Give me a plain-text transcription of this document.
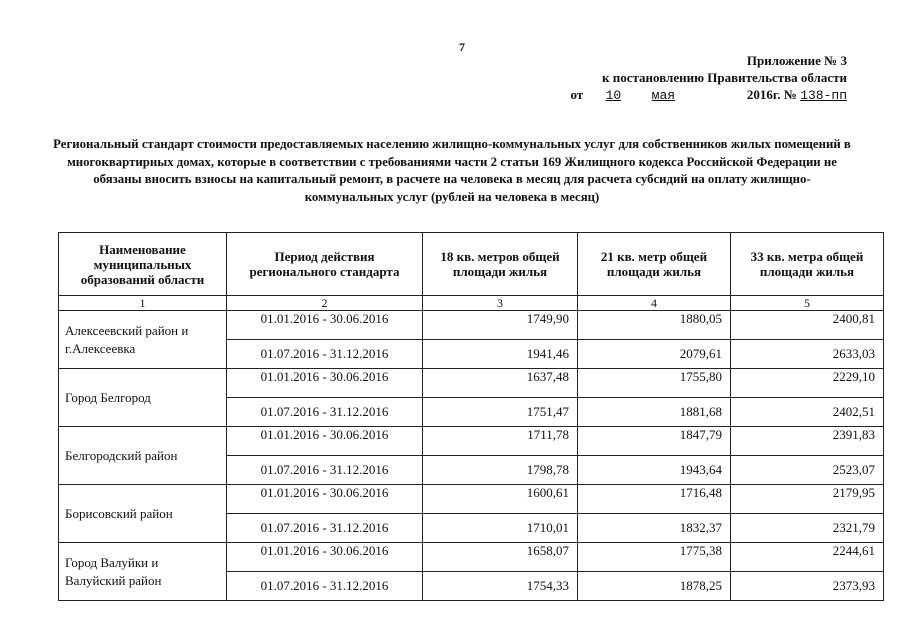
7
Приложение № 3
к постановлению Правительства области
от 10 мая	2016г. № 138-пп
Региональный стандарт стоимости предоставляемых населению жилищно-коммунальных услуг для собственников жилых помещений в многоквартирных домах, которые в соответствии с требованиями части 2 статьи 169 Жилищного кодекса Российской Федерации не обязаны вносить взносы на капитальный ремонт, в расчете на человека в месяц для расчета субсидий на оплату жилищно-коммунальных услуг (рублей на человека в месяц)
Наименование муниципальных образований области	Период действия регионального стандарта	18 кв. метров общей площади жилья	21 кв. метр общей площади жилья	33 кв. метра общей площади жилья
1	2	3	4	5
Алексеевский район и г.Алексеевка	01.01.2016 - 30.06.2016	1749,90	1880,05	2400,81
	01.07.2016 - 31.12.2016	1941,46	2079,61	2633,03
Город Белгород	01.01.2016 - 30.06.2016	1637,48	1755,80	2229,10
	01.07.2016 - 31.12.2016	1751,47	1881,68	2402,51
Белгородский район	01.01.2016 - 30.06.2016	1711,78	1847,79	2391,83
	01.07.2016 - 31.12.2016	1798,78	1943,64	2523,07
Борисовский район	01.01.2016 - 30.06.2016	1600,61	1716,48	2179,95
	01.07.2016 - 31.12.2016	1710,01	1832,37	2321,79
Город Валуйки и Валуйский район	01.01.2016 - 30.06.2016	1658,07	1775,38	2244,61
	01.07.2016 - 31.12.2016	1754,33	1878,25	2373,93
